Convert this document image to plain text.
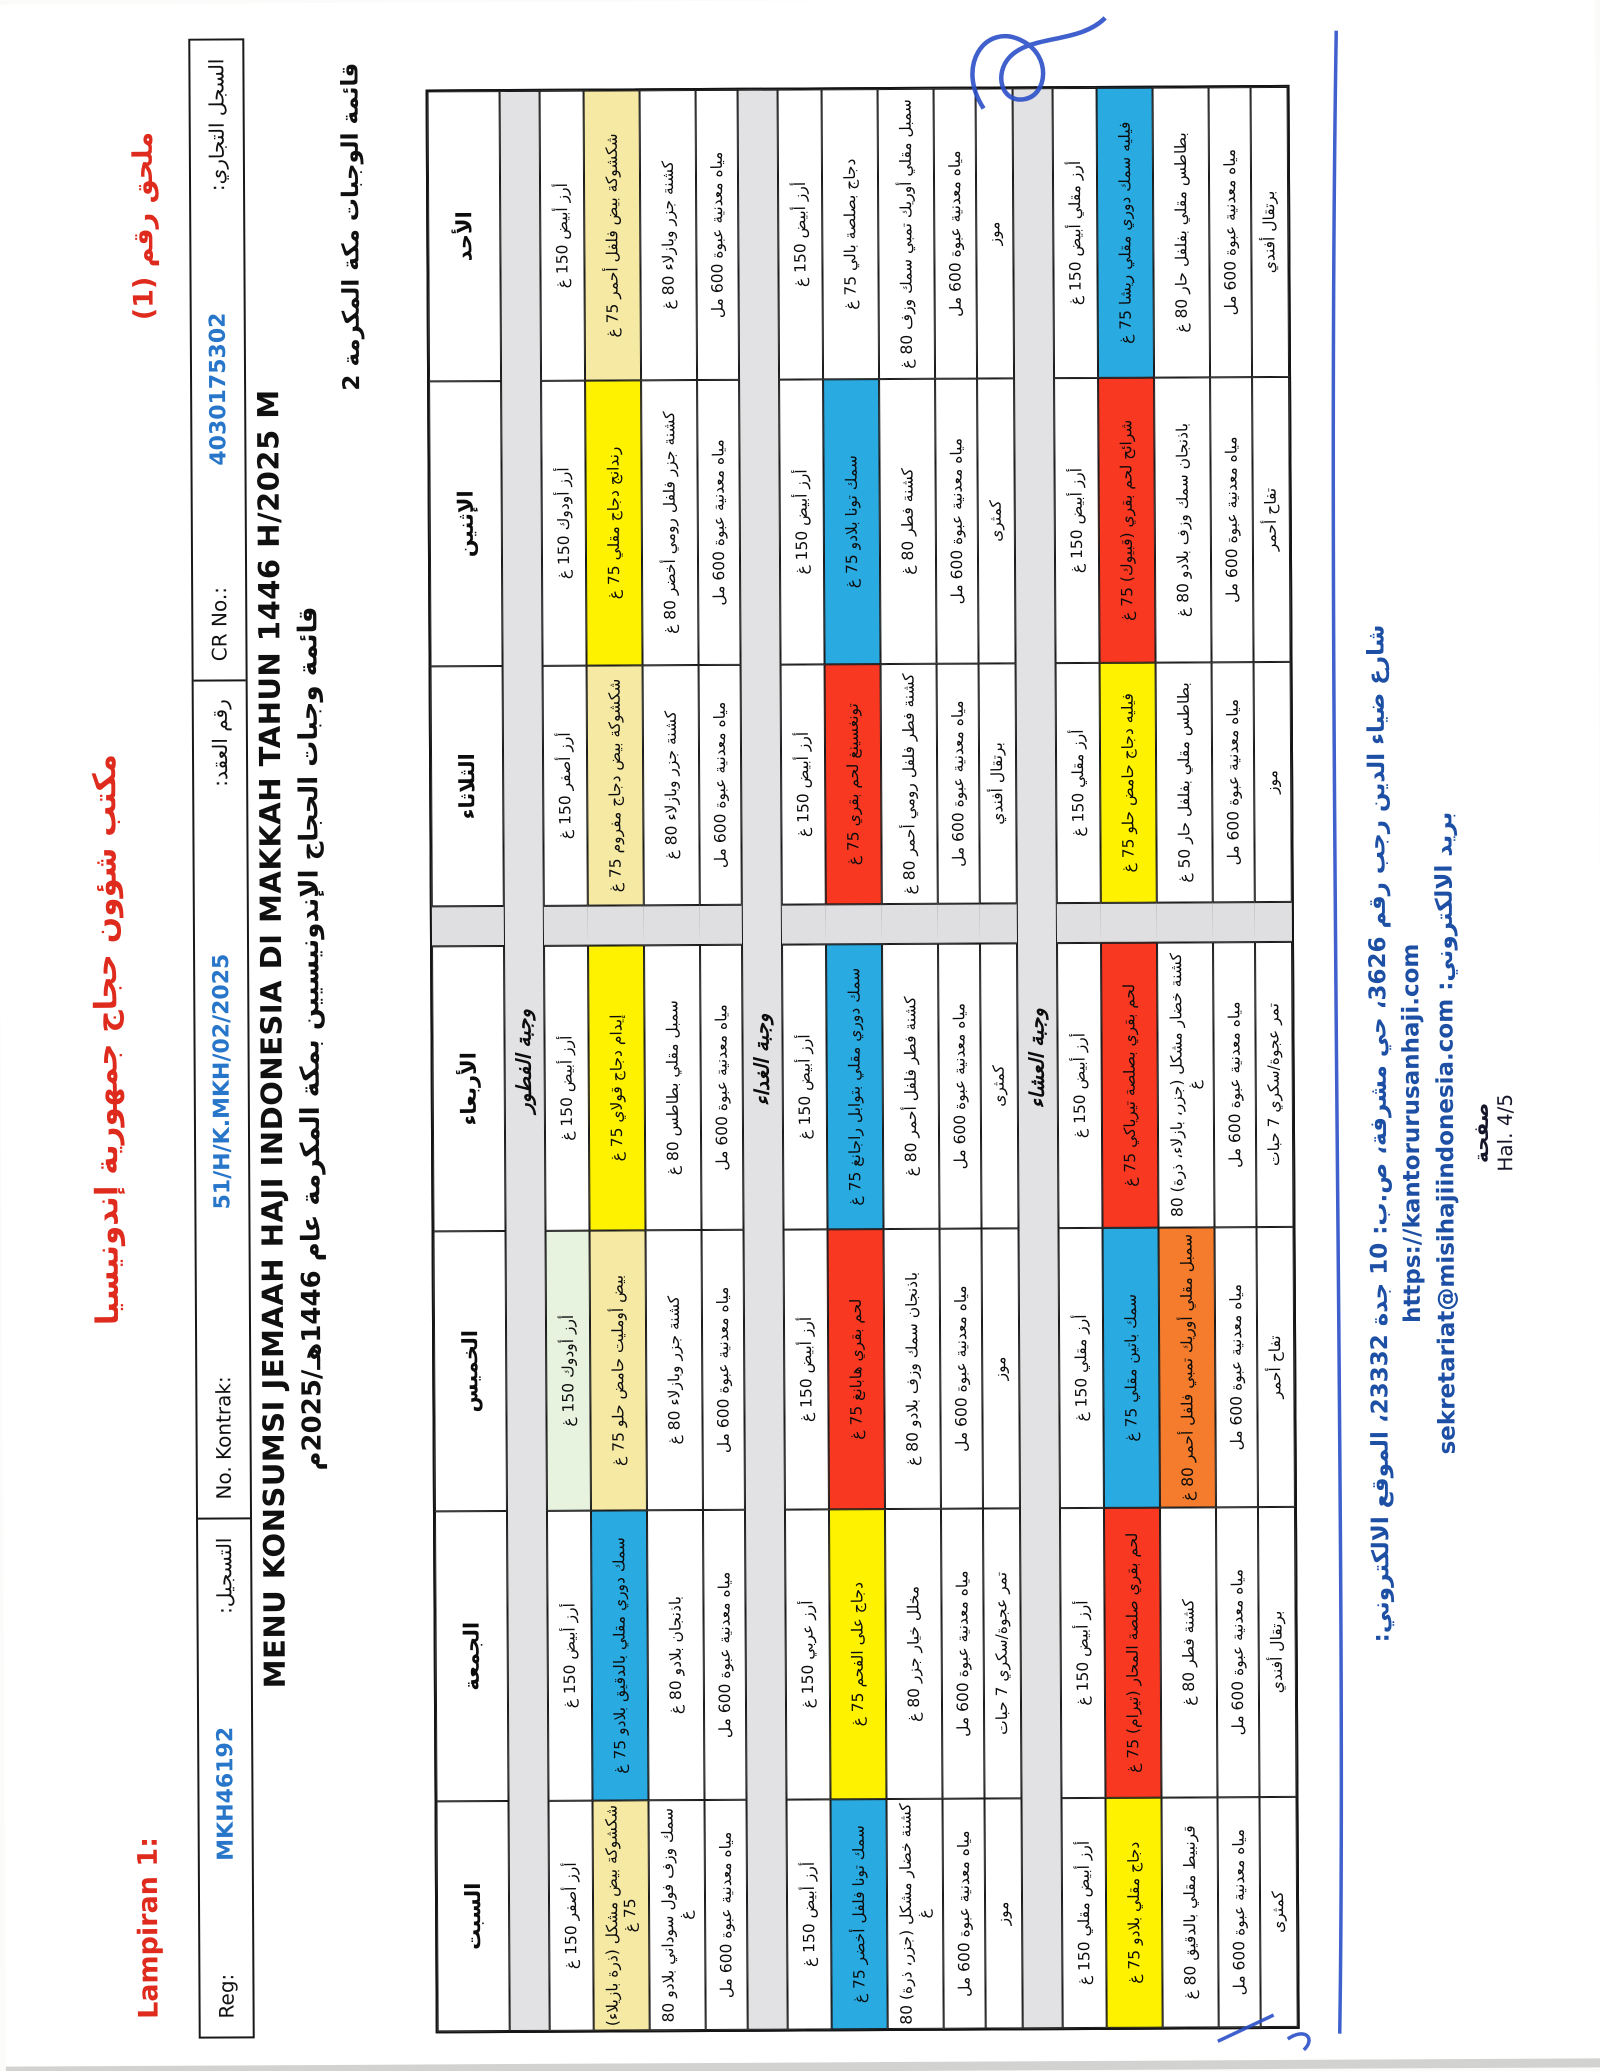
Lampiran 1:
مكتب شؤون حجاج جمهورية إندونيسيا
ملحق رقم (1)
السجل التجاري:
4030175302
CR No.:
رقم العقد:
51/H/K.MKH/02/2025
No. Kontrak:
التسجيل:
MKH46192
Reg:
MENU KONSUMSI JEMAAH HAJI INDONESIA DI MAKKAH TAHUN 1446 H/2025 M قائمة وجبات الحجاج الإندونيسيين بمكة المكرمة عام 1446هـ/2025م
قائمة الوجبات مكة المكرمة 2	الأحد
الإثنين
الثلاثاء
الأربعاء
الخميس
الجمعة
السبت
وجبة الفطور
أرز أبيض 150 غ
أرز أودوك 150 غ
أرز أصفر 150 غ
أرز أبيض 150 غ
أرز أودوك 150 غ
أرز أبيض 150 غ
أرز أصفر 150 غ
شكشوكة بيض فلفل أحمر 75 غ
رندانج دجاج مقلي 75 غ
شكشوكة بيض دجاج مفروم 75 غ
إيدام دجاج قولاي 75 غ
بيض أومليت حامض حلو 75 غ
سمك دوري مقلي بالدقيق بلادو 75 غ
شكشوكة بيض مشكل (ذرة بازيلاء) 75 غ
كشنة جزر وبازلاء 80 غ
كشنة جزر فلفل رومي أخضر 80 غ
كشنة جزر وبازلاء 80 غ
سمبل مقلي بطاطس 80 غ
كشنة جزر وبازلاء 80 غ
باذنجان بلادو 80 غ
سمك وزف فول سوداني بلادو 80 غ
مياه معدنية عبوة 600 مل
مياه معدنية عبوة 600 مل
مياه معدنية عبوة 600 مل
مياه معدنية عبوة 600 مل
مياه معدنية عبوة 600 مل
مياه معدنية عبوة 600 مل
مياه معدنية عبوة 600 مل
وجبة الغداء
أرز أبيض 150 غ
أرز أبيض 150 غ
أرز أبيض 150 غ
أرز أبيض 150 غ
أرز أبيض 150 غ
أرز عربي 150 غ
أرز أبيض 150 غ
دجاج بصلصة بالي 75 غ
سمك تونا بلادو 75 غ
تونغسينغ لحم بقري 75 غ
سمك دوري مقلي بتوابل راجانغ 75 غ
لحم بقري هابانغ 75 غ
دجاج على الفحم 75 غ
سمك تونا فلفل أخضر 75 غ
سمبل مقلي أوريك تمبي سمك وزف 80 غ
كشنة فطر 80 غ
كشنة فطر فلفل رومي أحمر 80 غ
كشنة فطر فلفل أحمر 80 غ
باذنجان سمك وزف بلادو 80 غ
مخلل خيار جزر 80 غ
كشنة خضار مشكل (جزر، ذرة) 80 غ
مياه معدنية عبوة 600 مل
مياه معدنية عبوة 600 مل
مياه معدنية عبوة 600 مل
مياه معدنية عبوة 600 مل
مياه معدنية عبوة 600 مل
مياه معدنية عبوة 600 مل
مياه معدنية عبوة 600 مل
موز
كمثرى
برتقال أفندي
كمثرى
موز
تمر عجوة/سكري 7 حبات
موز
وجبة العشاء
أرز مقلي أبيض 150 غ
أرز أبيض 150 غ
أرز مقلي 150 غ
أرز أبيض 150 غ
أرز مقلي 150 غ
أرز أبيض 150 غ
أرز أبيض مقلي 150 غ
فيليه سمك دوري مقلي ريشا 75 غ
شرائح لحم بقري (قبيوك) 75 غ
فيليه دجاج حامض حلو 75 غ
لحم بقري بصلصة تيرياكي 75 غ
سمك باتين مقلي 75 غ
لحم بقري صلصة المحار (تيرام) 75 غ
دجاج مقلي بلادو 75 غ
بطاطس مقلي بفلفل حار 80 غ
باذنجان سمك وزف بلادو 80 غ
بطاطس مقلي بفلفل حار 50 غ
كشنة خضار مشكل (جزر، بازلاء، ذرة) 80 غ
سمبل مقلي أوريك تمبي فلفل أحمر 80 غ
كشنة فطر 80 غ
قرنبيط مقلي بالدقيق 80 غ
مياه معدنية عبوة 600 مل
مياه معدنية عبوة 600 مل
مياه معدنية عبوة 600 مل
مياه معدنية عبوة 600 مل
مياه معدنية عبوة 600 مل
مياه معدنية عبوة 600 مل
مياه معدنية عبوة 600 مل
برتقال أفندي
تفاح أحمر
موز
تمر عجوة/سكري 7 حبات
تفاح أحمر
برتقال أفندي
كمثرى
شارع ضياء الدين رجب رقم 3626، حي مشرفة، ص.ب: 10 جدة 23332، الموقع الالكتروني: https://kantorurusanhaji.com بريد الالكتروني: sekretariat@misihajiindonesia.com
صفحة Hal. 4/5
